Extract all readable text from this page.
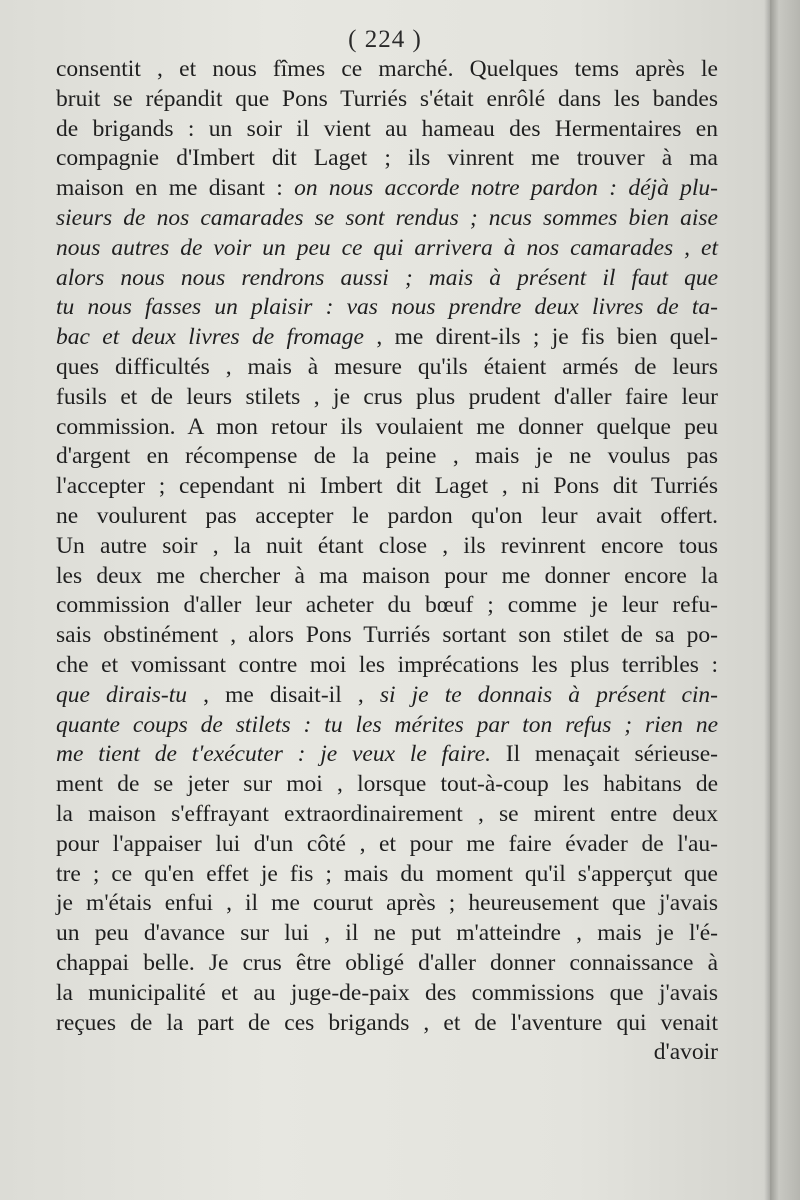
( 224 )
consentit , et nous fîmes ce marché. Quelques tems après le
bruit se répandit que Pons Turriés s'était enrôlé dans les bandes
de brigands : un soir il vient au hameau des Hermentaires en
compagnie d'Imbert dit Laget ; ils vinrent me trouver à ma
maison en me disant : on nous accorde notre pardon : déjà plu-
sieurs de nos camarades se sont rendus ; ncus sommes bien aise
nous autres de voir un peu ce qui arrivera à nos camarades , et
alors nous nous rendrons aussi ; mais à présent il faut que
tu nous fasses un plaisir : vas nous prendre deux livres de ta-
bac et deux livres de fromage , me dirent-ils ; je fis bien quel-
ques difficultés , mais à mesure qu'ils étaient armés de leurs
fusils et de leurs stilets , je crus plus prudent d'aller faire leur
commission. A mon retour ils voulaient me donner quelque peu
d'argent en récompense de la peine , mais je ne voulus pas
l'accepter ; cependant ni Imbert dit Laget , ni Pons dit Turriés
ne voulurent pas accepter le pardon qu'on leur avait offert.
Un autre soir , la nuit étant close , ils revinrent encore tous
les deux me chercher à ma maison pour me donner encore la
commission d'aller leur acheter du bœuf ; comme je leur refu-
sais obstinément , alors Pons Turriés sortant son stilet de sa po-
che et vomissant contre moi les imprécations les plus terribles :
que dirais-tu , me disait-il , si je te donnais à présent cin-
quante coups de stilets : tu les mérites par ton refus ; rien ne
me tient de t'exécuter : je veux le faire. Il menaçait sérieuse-
ment de se jeter sur moi , lorsque tout-à-coup les habitans de
la maison s'effrayant extraordinairement , se mirent entre deux
pour l'appaiser lui d'un côté , et pour me faire évader de l'au-
tre ; ce qu'en effet je fis ; mais du moment qu'il s'apperçut que
je m'étais enfui , il me courut après ; heureusement que j'avais
un peu d'avance sur lui , il ne put m'atteindre , mais je l'é-
chappai belle. Je crus être obligé d'aller donner connaissance à
la municipalité et au juge-de-paix des commissions que j'avais
reçues de la part de ces brigands , et de l'aventure qui venait
d'avoir
